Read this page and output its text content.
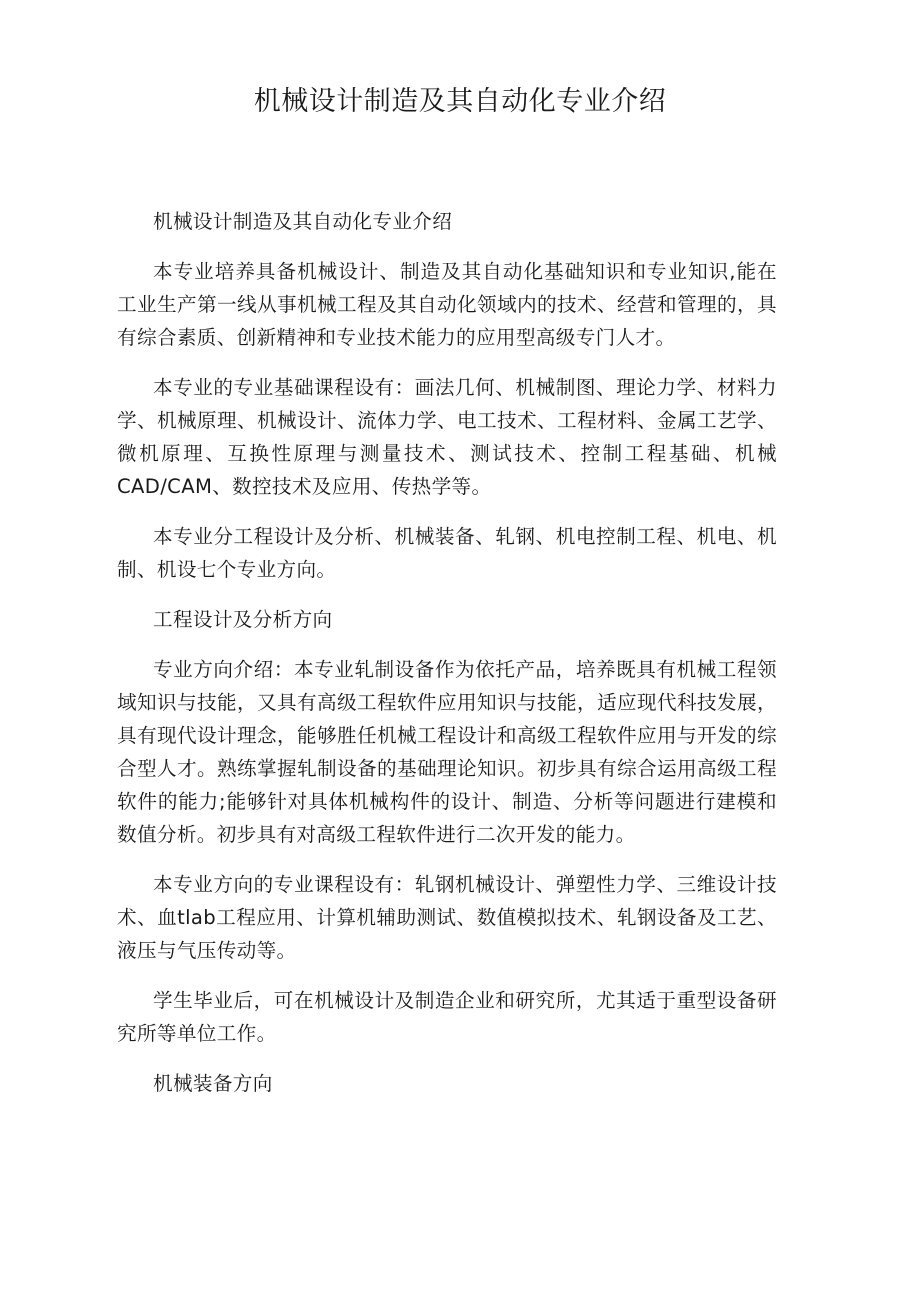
机械设计制造及其自动化专业介绍

机械设计制造及其自动化专业介绍

本专业培养具备机械设计、制造及其自动化基础知识和专业知识,能在工业生产第一线从事机械工程及其自动化领域内的技术、经营和管理的，具有综合素质、创新精神和专业技术能力的应用型高级专门人才。

本专业的专业基础课程设有：画法几何、机械制图、理论力学、材料力学、机械原理、机械设计、流体力学、电工技术、工程材料、金属工艺学、微机原理、互换性原理与测量技术、测试技术、控制工程基础、机械CAD/CAM、数控技术及应用、传热学等。

本专业分工程设计及分析、机械装备、轧钢、机电控制工程、机电、机制、机设七个专业方向。

工程设计及分析方向

专业方向介绍：本专业轧制设备作为依托产品，培养既具有机械工程领域知识与技能，又具有高级工程软件应用知识与技能，适应现代科技发展，具有现代设计理念，能够胜任机械工程设计和高级工程软件应用与开发的综合型人才。熟练掌握轧制设备的基础理论知识。初步具有综合运用高级工程软件的能力;能够针对具体机械构件的设计、制造、分析等问题进行建模和数值分析。初步具有对高级工程软件进行二次开发的能力。

本专业方向的专业课程设有：轧钢机械设计、弹塑性力学、三维设计技术、血tlab工程应用、计算机辅助测试、数值模拟技术、轧钢设备及工艺、液压与气压传动等。

学生毕业后，可在机械设计及制造企业和研究所，尤其适于重型设备研究所等单位工作。

机械装备方向
